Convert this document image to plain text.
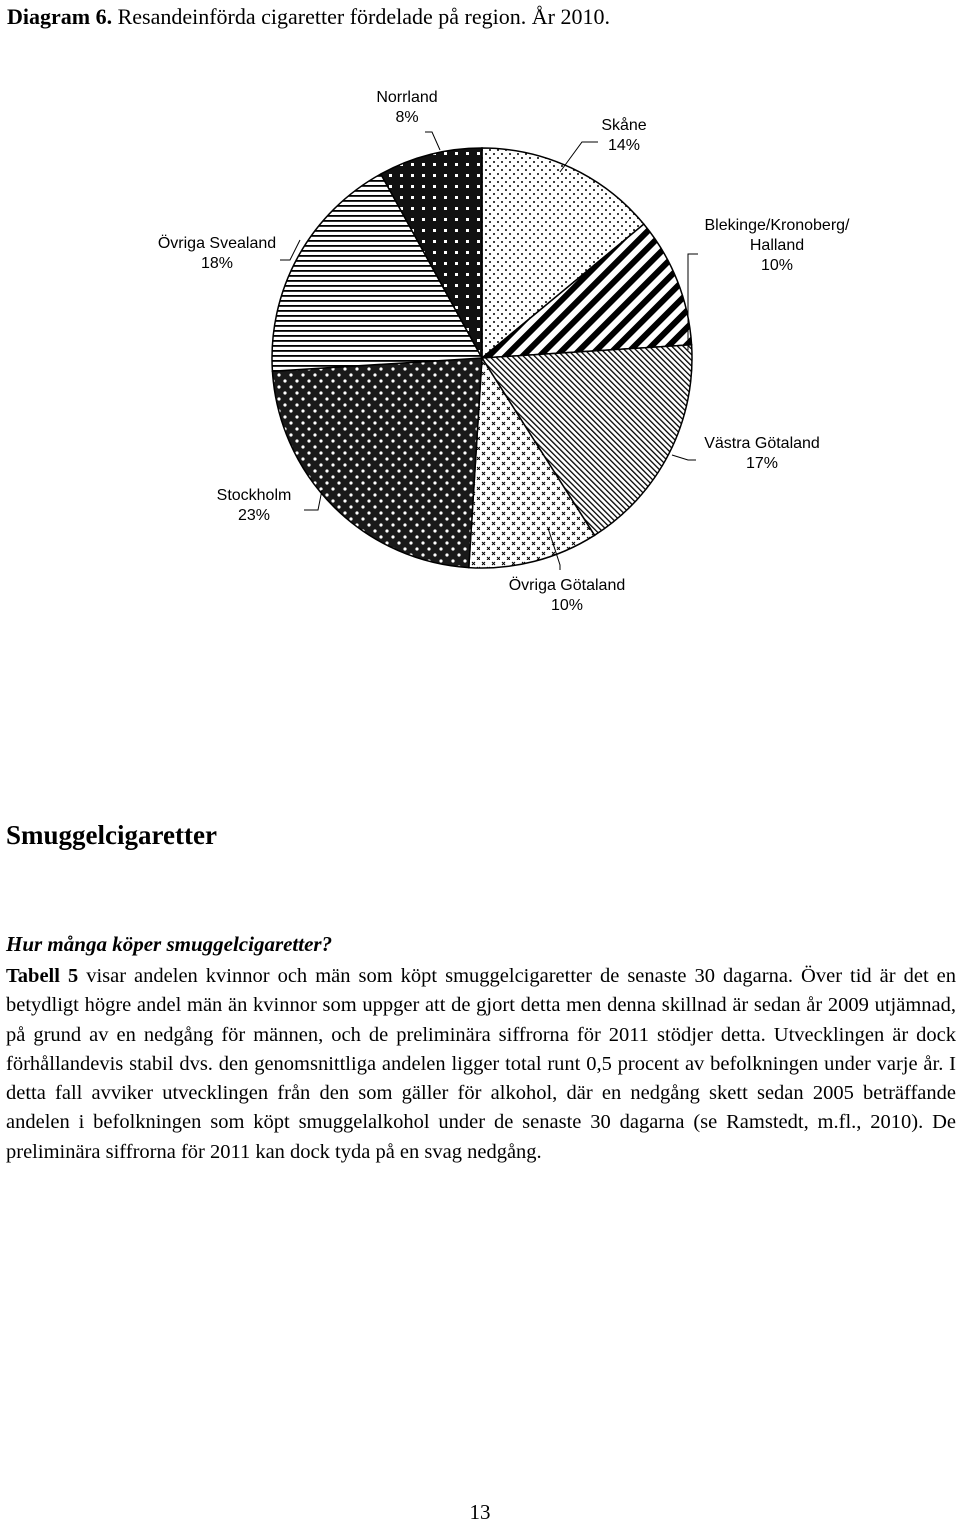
Diagram 6. Resandeinförda cigaretter fördelade på region. År 2010.
Skåne 14%
Blekinge/Kronoberg/ Halland 10%
Västra Götaland 17%
Övriga Götaland 10%
Stockholm 23%
Övriga Svealand 18%
Norrland 8%
Smuggelcigaretter

Hur många köper smuggelcigaretter?

Tabell 5 visar andelen kvinnor och män som köpt smuggelcigaretter de senaste 30 dagarna. Över tid är det en betydligt högre andel män än kvinnor som uppger att de gjort detta men denna skillnad är sedan år 2009 utjämnad, på grund av en nedgång för männen, och de preliminära siffrorna för 2011 stödjer detta. Utvecklingen är dock förhållandevis stabil dvs. den genomsnittliga andelen ligger total runt 0,5 procent av befolkningen under varje år. I detta fall avviker utvecklingen från den som gäller för alkohol, där en nedgång skett sedan 2005 beträffande andelen i befolkningen som köpt smuggelalkohol under de senaste 30 dagarna (se Ramstedt, m.fl., 2010). De preliminära siffrorna för 2011 kan dock tyda på en svag nedgång.

13
